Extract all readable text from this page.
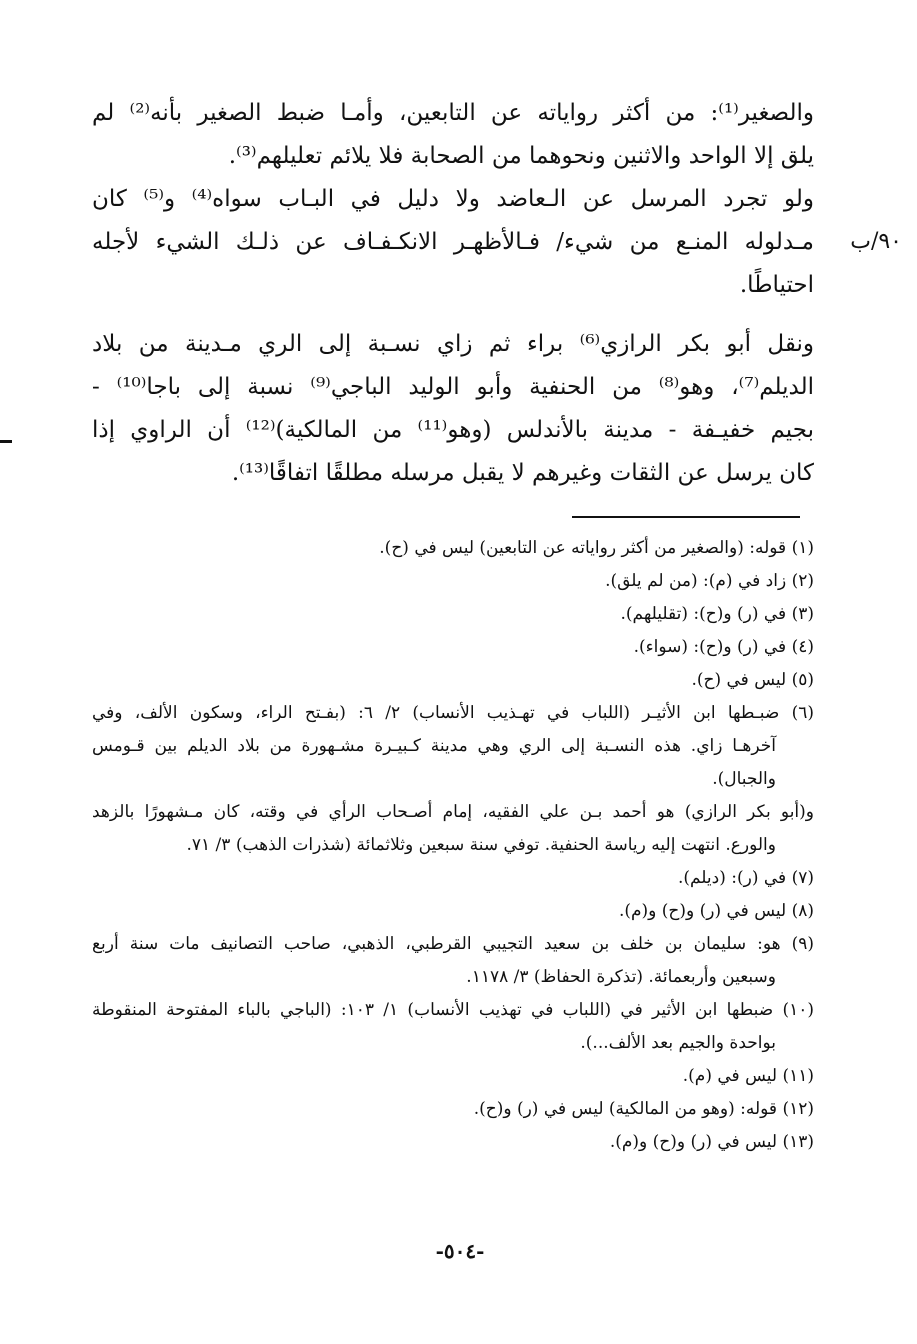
والصغير⁽¹⁾: من أكثر رواياته عن التابعين، وأمـا ضبط الصغير بأنه⁽²⁾ لم
يلق إلا الواحد والاثنين ونحوهما من الصحابة فلا يلائم تعليلهم⁽³⁾.
ولو تجرد المرسل عن الـعاضد ولا دليل في البـاب سواه⁽⁴⁾ و⁽⁵⁾ كان
مـدلوله المنـع من شيء/ فـالأظهـر الانكـفـاف عن ذلـك الشيء لأجله
احتياطًا.
ونقل أبو بكر الرازي⁽⁶⁾ براء ثم زاي نسـبة إلى الري مـدينة من بلاد
الديلم⁽⁷⁾، وهو⁽⁸⁾ من الحنفية وأبو الوليد الباجي⁽⁹⁾ نسبة إلى باجا⁽¹⁰⁾ -
بجيم خفيـفة - مدينة بالأندلس (وهو⁽¹¹⁾ من المالكية)⁽¹²⁾ أن الراوي إذا
كان يرسل عن الثقات وغيرهم لا يقبل مرسله مطلقًا اتفاقًا⁽¹³⁾.
٩٠/ب
(١) قوله: (والصغير من أكثر رواياته عن التابعين) ليس في (ح).
(٢) زاد في (م): (من لم يلق).
(٣) في (ر) و(ح): (تقليلهم).
(٤) في (ر) و(ح): (سواء).
(٥) ليس في (ح).
(٦) ضبـطها ابن الأثيـر (اللباب في تهـذيب الأنساب) ٢/ ٦: (بفـتح الراء، وسكون الألف، وفي
آخرهـا زاي. هذه النسـبة إلى الري وهي مدينة كـبيـرة مشـهورة من بلاد الديلم بين قـومس
والجبال).
و(أبو بكر الرازي) هو أحمد بـن علي الفقيه، إمام أصـحاب الرأي في وقته، كان مـشهورًا بالزهد
والورع. انتهت إليه رياسة الحنفية. توفي سنة سبعين وثلاثمائة (شذرات الذهب) ٣/ ٧١.
(٧) في (ر): (ديلم).
(٨) ليس في (ر) و(ح) و(م).
(٩) هو: سليمان بن خلف بن سعيد التجيبي القرطبي، الذهبي، صاحب التصانيف مات سنة أربع
وسبعين وأربعمائة. (تذكرة الحفاظ) ٣/ ١١٧٨.
(١٠) ضبطها ابن الأثير في (اللباب في تهذيب الأنساب) ١/ ١٠٣: (الباجي بالباء المفتوحة المنقوطة
بواحدة والجيم بعد الألف...).
(١١) ليس في (م).
(١٢) قوله: (وهو من المالكية) ليس في (ر) و(ح).
(١٣) ليس في (ر) و(ح) و(م).
-٥٠٤-
